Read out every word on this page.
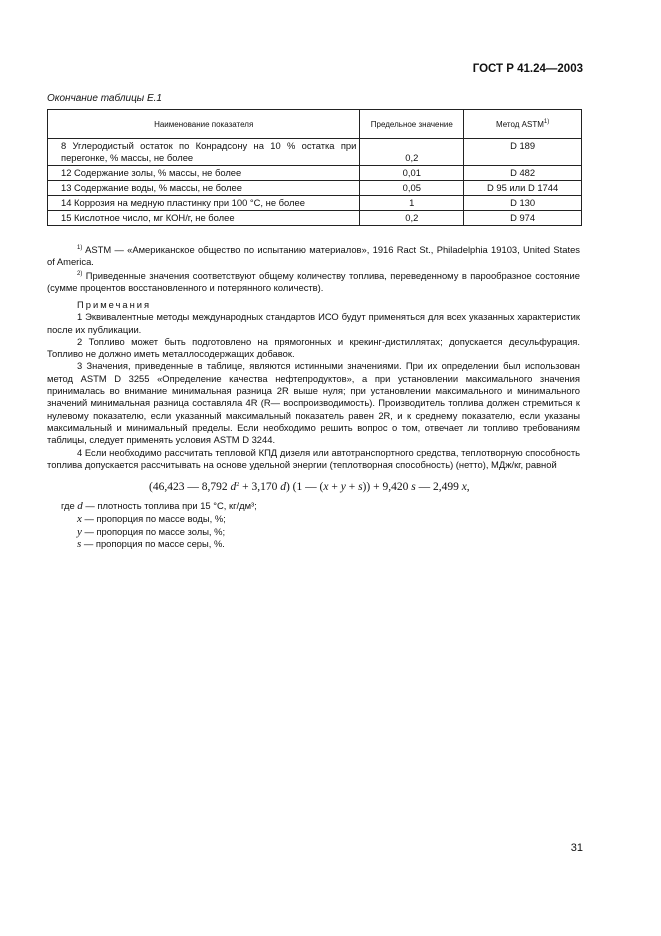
ГОСТ Р 41.24—2003
Окончание таблицы Е.1
Наименование показателя	Предельное значение	Метод ASTM$^{1)}$
8 Углеродистый остаток по Конрадсону на 10 % остатка при перегонке, % массы, не более	0,2	D 189
12 Содержание золы, % массы, не более	0,01	D 482
13 Содержание воды, % массы, не более	0,05	D 95 или D 1744
14 Коррозия на медную пластинку при 100 °C, не более	1	D 130
15 Кислотное число, мг КОН/г, не более	0,2	D 974

$^{1)}$ ASTM — «Американское общество по испытанию материалов», 1916 Ract St., Philadelphia 19103, United States of America.

$^{2)}$ Приведенные значения соответствуют общему количеству топлива, переведенному в парообразное состояние (сумме процентов восстановленного и потерянного количеств).

Примечания

1 Эквивалентные методы международных стандартов ИСО будут применяться для всех указанных характеристик после их публикации.

2 Топливо может быть подготовлено на прямогонных и крекинг-дистиллятах; допускается десульфурация. Топливо не должно иметь металлосодержащих добавок.

3 Значения, приведенные в таблице, являются истинными значениями. При их определении был использован метод ASTM D 3255 «Определение качества нефтепродуктов», а при установлении максимального значения принималась во внимание минимальная разница 2R выше нуля; при установлении максимального и минимального значений минимальная разница составляла 4R (R— воспроизводимость). Производитель топлива должен стремиться к нулевому показателю, если указанный максимальный показатель равен 2R, и к среднему показателю, если указаны максимальный и минимальный пределы. Если необходимо решить вопрос о том, отвечает ли топливо требованиям таблицы, следует применять условия ASTM D 3244.

4 Если необходимо рассчитать тепловой КПД дизеля или автотранспортного средства, теплотворную способность топлива допускается рассчитывать на основе удельной энергии (теплотворная способность) (нетто), МДж/кг, равной

(46,423 — 8,792 $d^2 + 3,170$ d) (1 — (x + y + s)) + 9,420 s — 2,499 x,
где d — плотность топлива при 15 °C, кг/дм³;
x — пропорция по массе воды, %;
y — пропорция по массе золы, %;
s — пропорция по массе серы, %.
31
